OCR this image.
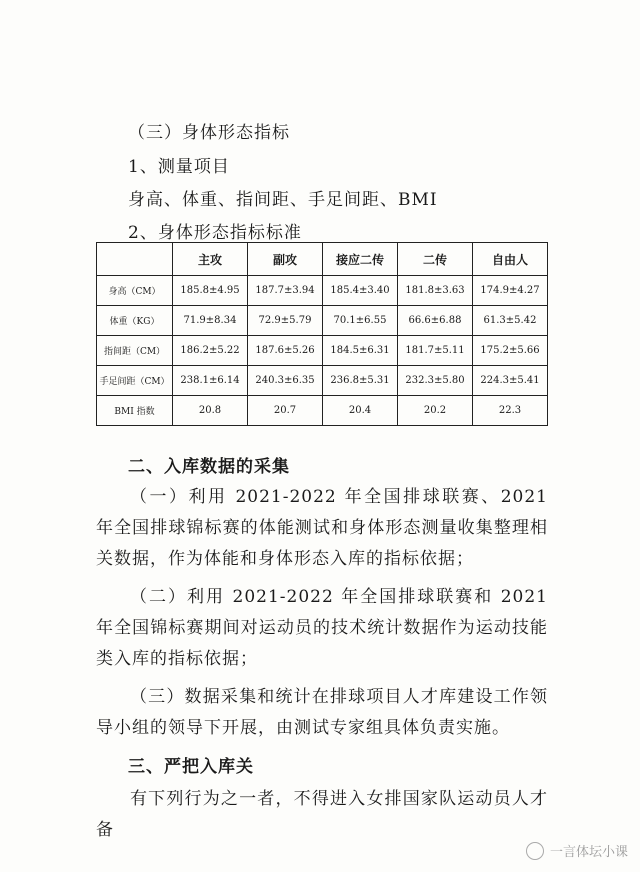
（三）身体形态指标
1、测量项目
身高、体重、指间距、手足间距、BMI
2、身体形态指标标准
	主攻	副攻	接应二传	二传	自由人
身高（CM）	185.8±4.95	187.7±3.94	185.4±3.40	181.8±3.63	174.9±4.27
体重（KG）	71.9±8.34	72.9±5.79	70.1±6.55	66.6±6.88	61.3±5.42
指间距（CM）	186.2±5.22	187.6±5.26	184.5±6.31	181.7±5.11	175.2±5.66
手足间距（CM）	238.1±6.14	240.3±6.35	236.8±5.31	232.3±5.80	224.3±5.41
BMI 指数	20.8	20.7	20.4	20.2	22.3
二、入库数据的采集
（一）利用 2021-2022 年全国排球联赛、2021 年全国排球锦标赛的体能测试和身体形态测量收集整理相关数据，作为体能和身体形态入库的指标依据；
（二）利用 2021-2022 年全国排球联赛和 2021 年全国锦标赛期间对运动员的技术统计数据作为运动技能类入库的指标依据；
（三）数据采集和统计在排球项目人才库建设工作领导小组的领导下开展，由测试专家组具体负责实施。
三、严把入库关
有下列行为之一者，不得进入女排国家队运动员人才备
一言体坛小课
